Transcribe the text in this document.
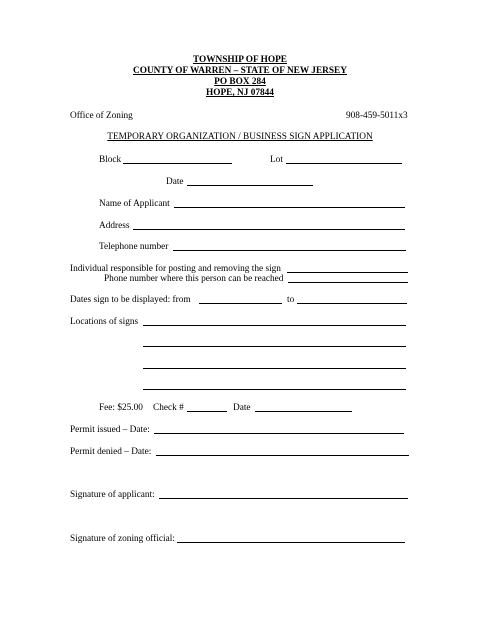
TOWNSHIP OF HOPE
COUNTY OF WARREN – STATE OF NEW JERSEY
PO BOX 284
HOPE, NJ 07844
Office of Zoning	908-459-5011x3
TEMPORARY ORGANIZATION / BUSINESS SIGN APPLICATION
Block	Lot
Date
Name of Applicant
Address
Telephone number
Individual responsible for posting and removing the sign
Phone number where this person can be reached
Dates sign to be displayed: from	to
Locations of signs
Fee: $25.00 Check #	Date
Permit issued – Date:
Permit denied – Date:
Signature of applicant:
Signature of zoning official:
